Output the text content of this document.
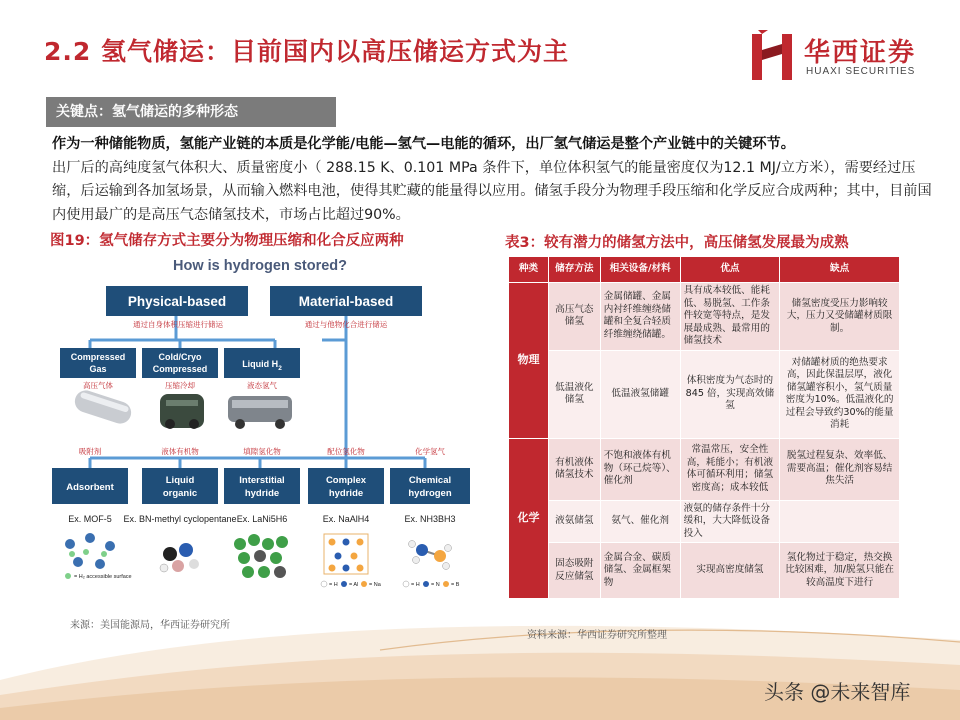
2.2 氢气储运：目前国内以高压储运方式为主	华西证券
HUAXI SECURITIES
关键点：氢气储运的多种形态
作为一种储能物质，氢能产业链的本质是化学能/电能—氢气—电能的循环，出厂氢气储运是整个产业链中的关键环节。
出厂后的高纯度氢气体积大、质量密度小（ 288.15 K、0.101 MPa 条件下，单位体积氢气的能量密度仅为12.1 MJ/立方米），需要经过压缩，后运输到各加氢场景，从而输入燃料电池，使得其贮藏的能量得以应用。储氢手段分为物理手段压缩和化学反应合成两种；其中，目前国内使用最广的是高压气态储氢技术，市场占比超过90%。
图19：氢气储存方式主要分为物理压缩和化合反应两种	表3：较有潜力的储氢方法中，高压储氢发展最为成熟
How is hydrogen stored?
Physical-based	Material-based
通过自身体积压缩进行储运	通过与他物化合进行储运
Compressed
Gas
Cold/Cryo
Compressed	Liquid $H_2$
高压气体	压缩冷却	液态氢气
吸附剂	液体有机物	填隙氢化物	配位氢化物	化学氢气
Adsorbent
Liquid
organic
Interstitial
hydride
Complex
hydride
Chemical
hydrogen
Ex. MOF-5 Ex. BN-methyl cyclopentane Ex. LaNi5H6	Ex. NaAlH4	Ex. NH3BH3
= H₂ accessible surface
= H = Al = Na	= H = N = B
来源：美国能源局，华西证券研究所
种类	储存方法	相关设备/材料	优点	缺点
物理	高压气态储氢	金属储罐、金属内衬纤维缠绕储罐和全复合轻质纤维缠绕储罐。	具有成本较低、能耗低、易脱氢、工作条件较宽等特点，是发展最成熟、最常用的储氢技术	储氢密度受压力影响较大，压力又受储罐材质限制。
	低温液化储氢	低温液氢储罐	体积密度为气态时的845 倍，实现高效储氢	对储罐材质的绝热要求高，因此保温层厚，液化储氢罐容积小，氢气质量密度为10%。低温液化的过程会导致约30%的能量消耗
化学	有机液体储氢技术	不饱和液体有机物（环己烷等）、催化剂	常温常压，安全性高，耗能小；有机液体可循环利用；储氢密度高；成本较低	脱氢过程复杂、效率低、需要高温；催化剂容易结焦失活
	液氨储氢	氨气、催化剂	液氨的储存条件十分缓和，大大降低设备投入	
	固态吸附反应储氢	金属合金、碳质储氢、金属框架物	实现高密度储氢	氢化物过于稳定，热交换比较困难，加/脱氢只能在较高温度下进行
资料来源：华西证券研究所整理
头条 @未来智库
